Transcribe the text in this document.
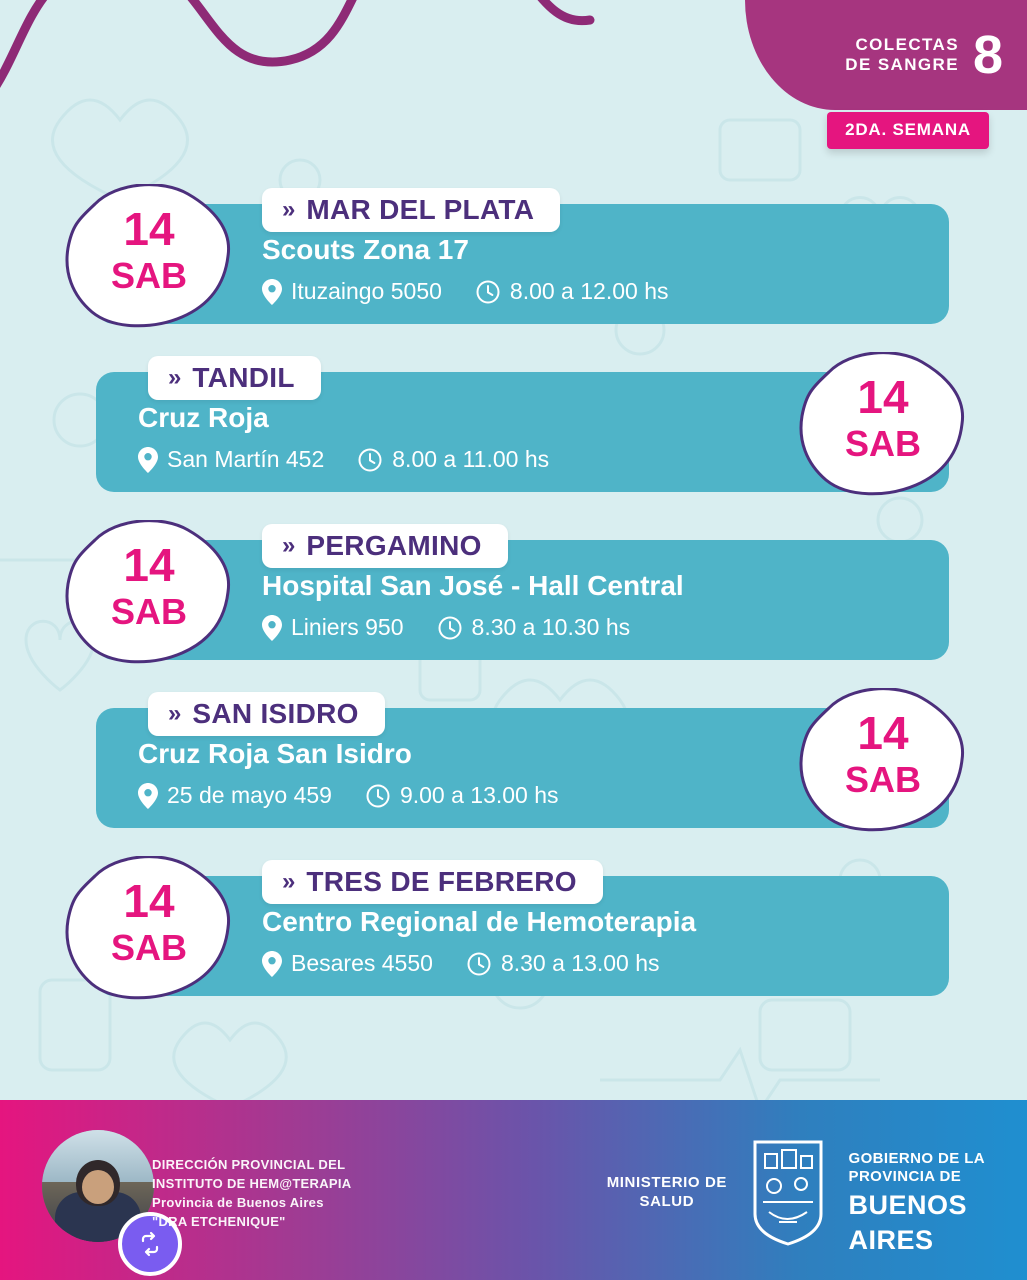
COLECTAS
DE SANGRE 8
2DA. SEMANA
» MAR DEL PLATA
Scouts Zona 17
Ituzaingo 5050	8.00 a 12.00 hs
14
SAB
» TANDIL
Cruz Roja
San Martín 452	8.00 a 11.00 hs
14
SAB
» PERGAMINO
Hospital San José - Hall Central
Liniers 950	8.30 a 10.30 hs
14
SAB
» SAN ISIDRO
Cruz Roja San Isidro
25 de mayo 459	9.00 a 13.00 hs
14
SAB
» TRES DE FEBRERO
Centro Regional de Hemoterapia
Besares 4550	8.30 a 13.00 hs
14
SAB
DIRECCIÓN PROVINCIAL DEL
INSTITUTO DE HEM@TERAPIA
Provincia de Buenos Aires
"DRA ETCHENIQUE"
MINISTERIO DE
SALUD
GOBIERNO DE LA
PROVINCIA DE
BUENOS
AIRES
